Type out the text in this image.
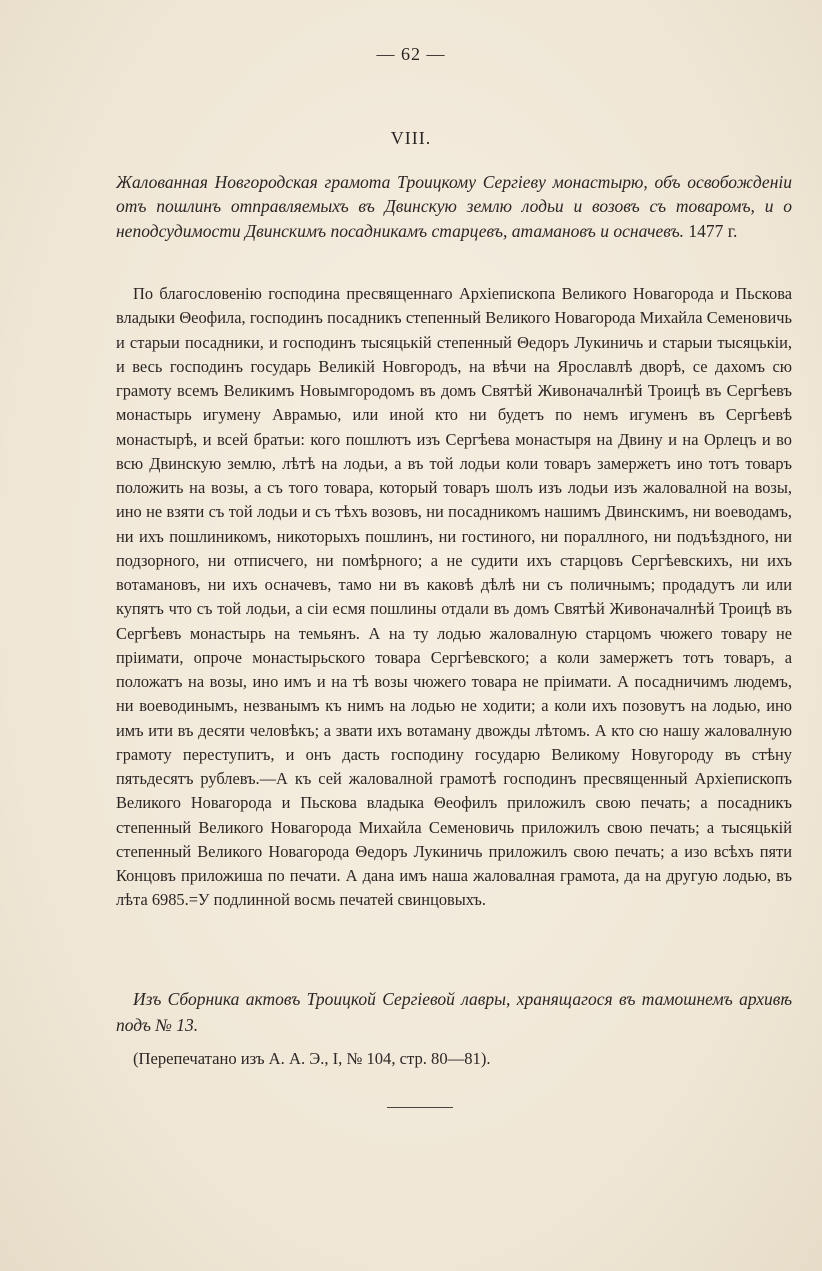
— 62 —
VIII.
Жалованная Новгородская грамота Троицкому Сергіеву монастырю, объ освобожденіи отъ пошлинъ отправляемыхъ въ Двинскую землю лодьи и возовъ съ товаромъ, и о неподсудимости Двинскимъ посадникамъ старцевъ, атамановъ и осначевъ. 1477 г.

По благословенію господина пресвященнаго Архіепископа Великого Новагорода и Пьскова владыки Θеофила, господинъ посадникъ степенный Великого Новагорода Михайла Семеновичь и старыи посадники, и господинъ тысяцькій степенный Θедоръ Лукиничь и старыи тысяцькіи, и весь господинъ государь Великій Новгородъ, на вѣчи на Ярославлѣ дворѣ, се дахомъ сю грамоту всемъ Великимъ Новымгородомъ въ домъ Святѣй Живоначалнѣй Троицѣ въ Сергѣевъ монастырь игумену Аврамью, или иной кто ни будетъ по немъ игуменъ въ Сергѣевѣ монастырѣ, и всей братьи: кого пошлютъ изъ Сергѣева монастыря на Двину и на Орлецъ и во всю Двинскую землю, лѣтѣ на лодьи, а въ той лодьи коли товаръ замержетъ ино тотъ товаръ положить на возы, а съ того товара, который товаръ шолъ изъ лодьи изъ жаловалной на возы, ино не взяти съ той лодьи и съ тѣхъ возовъ, ни посадникомъ нашимъ Двинскимъ, ни воеводамъ, ни ихъ пошлиникомъ, никоторыхъ пошлинъ, ни гостиного, ни пораллного, ни подъѣздного, ни подзорного, ни отписчего, ни помѣрного; а не судити ихъ старцовъ Сергѣевскихъ, ни ихъ вотамановъ, ни ихъ осначевъ, тамо ни въ каковѣ дѣлѣ ни съ поличнымъ; продадутъ ли или купятъ что съ той лодьи, а сіи есмя пошлины отдали въ домъ Святѣй Живоначалнѣй Троицѣ въ Сергѣевъ монастырь на темьянъ. А на ту лодью жаловалную старцомъ чюжего товару не пріимати, опроче монастырьского товара Сергѣевского; а коли замержетъ тотъ товаръ, а положатъ на возы, ино имъ и на тѣ возы чюжего товара не пріимати. А посадничимъ людемъ, ни воеводинымъ, незванымъ къ нимъ на лодью не ходити; а коли ихъ позовутъ на лодью, ино имъ ити въ десяти человѣкъ; а звати ихъ вотаману двожды лѣтомъ. А кто сю нашу жаловалную грамоту переступитъ, и онъ дасть господину государю Великому Новугороду въ стѣну пятьдесятъ рублевъ.—А къ сей жаловалной грамотѣ господинъ пресвященный Архіепископъ Великого Новагорода и Пьскова владыка Θеофилъ приложилъ свою печать; а посадникъ степенный Великого Новагорода Михайла Семеновичь приложилъ свою печать; а тысяцькій степенный Великого Новагорода Θедоръ Лукиничь приложилъ свою печать; а изо всѣхъ пяти Концовъ приложиша по печати. А дана имъ наша жаловалная грамота, да на другую лодью, въ лѣта 6985.=У подлинной восмь печатей свинцовыхъ.

Изъ Сборника актовъ Троицкой Сергіевой лавры, хранящагося въ тамошнемъ архивѣ подъ № 13.

(Перепечатано изъ А. А. Э., I, № 104, стр. 80—81).
